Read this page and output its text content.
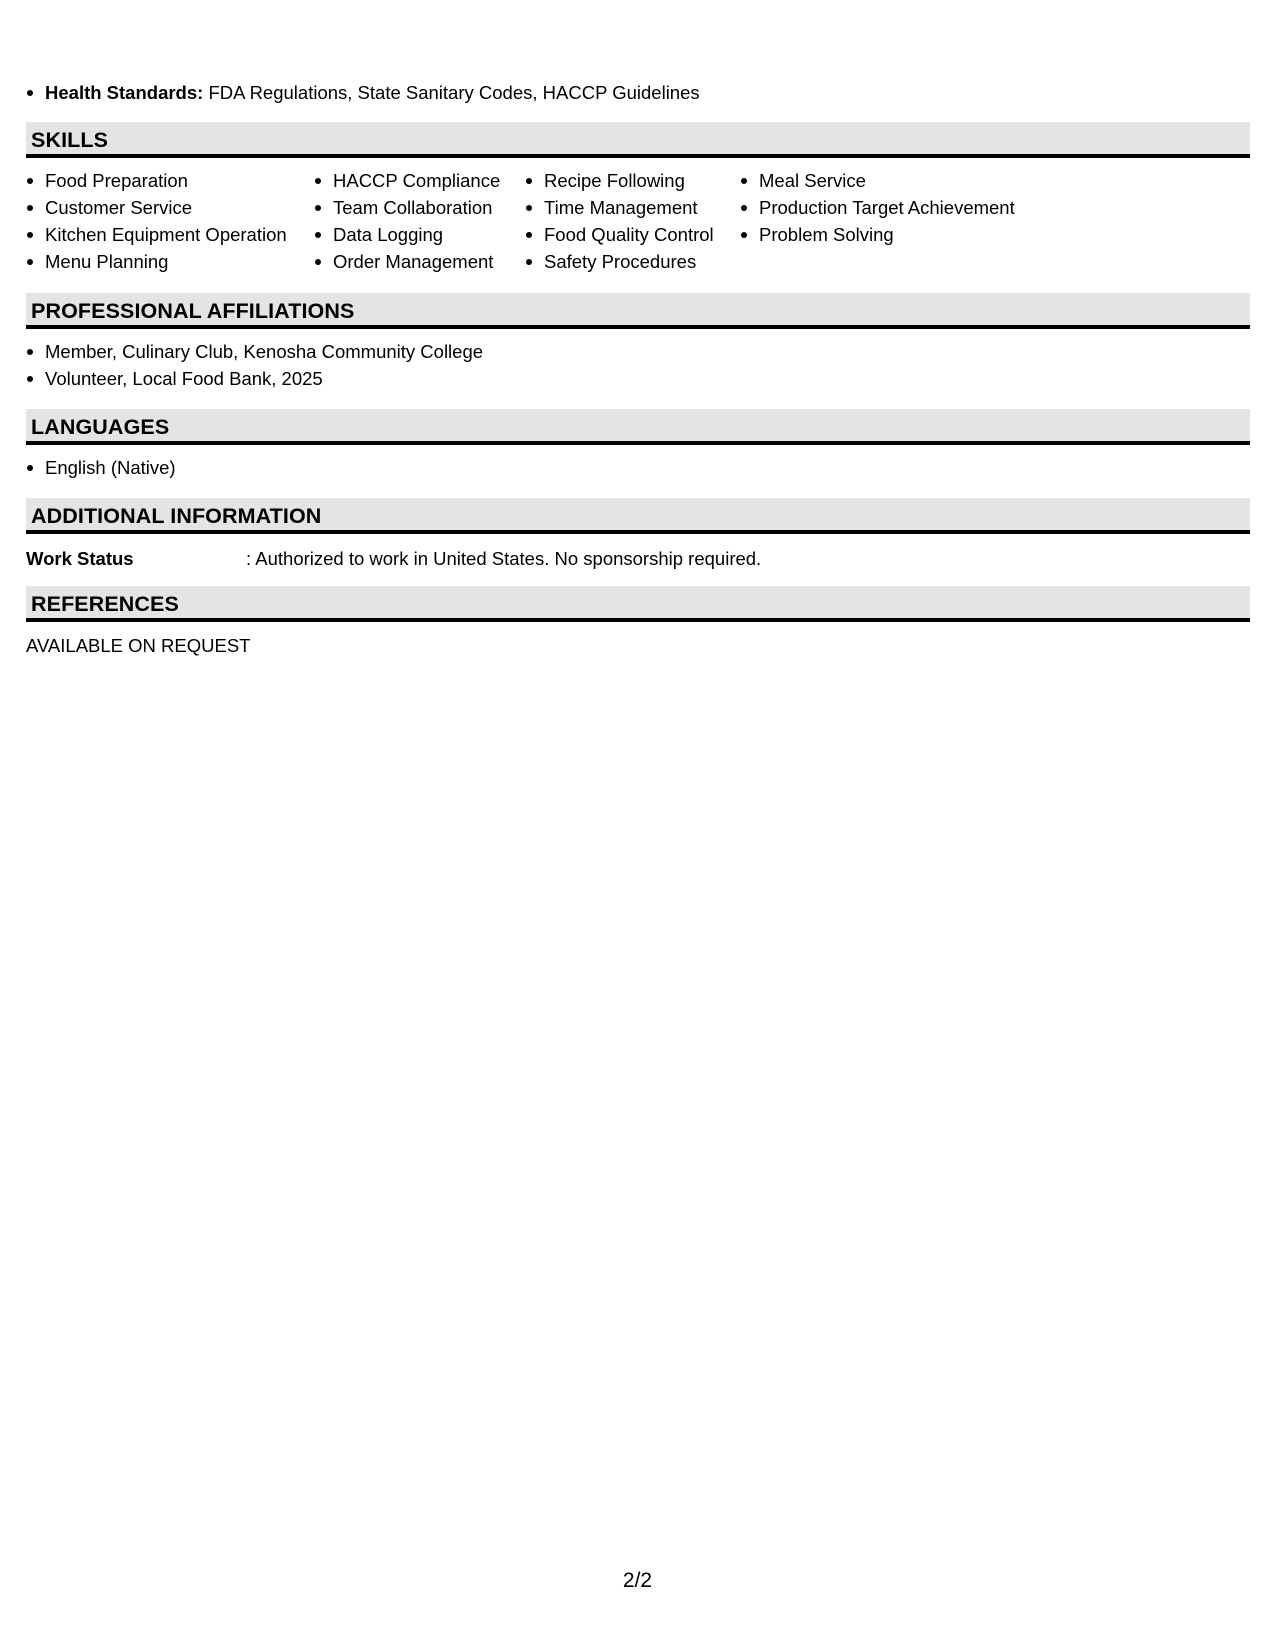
Health Standards: FDA Regulations, State Sanitary Codes, HACCP Guidelines
SKILLS
Food Preparation
Customer Service
Kitchen Equipment Operation
Menu Planning
HACCP Compliance
Team Collaboration
Data Logging
Order Management
Recipe Following
Time Management
Food Quality Control
Safety Procedures
Meal Service
Production Target Achievement
Problem Solving
PROFESSIONAL AFFILIATIONS
Member, Culinary Club, Kenosha Community College
Volunteer, Local Food Bank, 2025
LANGUAGES
English (Native)
ADDITIONAL INFORMATION
Work Status	: Authorized to work in United States. No sponsorship required.
REFERENCES
AVAILABLE ON REQUEST
2/2
